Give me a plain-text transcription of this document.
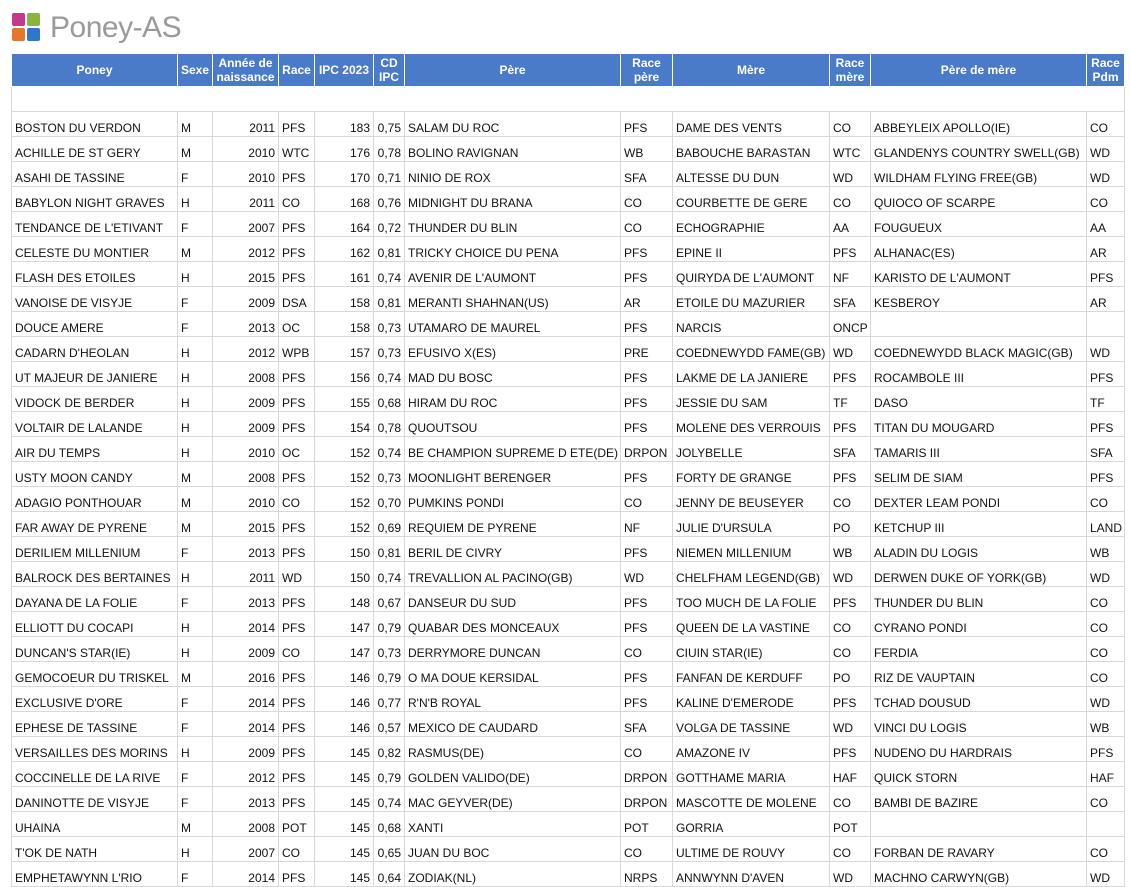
Poney-AS
Poney	Sexe	Année de naissance	Race	IPC 2023	CD IPC	Père	Race père	Mère	Race mère	Père de mère	Race Pdm

BOSTON DU VERDON	M	2011	PFS	183	0,75	SALAM DU ROC	PFS	DAME DES VENTS	CO	ABBEYLEIX APOLLO(IE)	CO
ACHILLE DE ST GERY	M	2010	WTC	176	0,78	BOLINO RAVIGNAN	WB	BABOUCHE BARASTAN	WTC	GLANDENYS COUNTRY SWELL(GB)	WD
ASAHI DE TASSINE	F	2010	PFS	170	0,71	NINIO DE ROX	SFA	ALTESSE DU DUN	WD	WILDHAM FLYING FREE(GB)	WD
BABYLON NIGHT GRAVES	H	2011	CO	168	0,76	MIDNIGHT DU BRANA	CO	COURBETTE DE GERE	CO	QUIOCO OF SCARPE	CO
TENDANCE DE L'ETIVANT	F	2007	PFS	164	0,72	THUNDER DU BLIN	CO	ECHOGRAPHIE	AA	FOUGUEUX	AA
CELESTE DU MONTIER	M	2012	PFS	162	0,81	TRICKY CHOICE DU PENA	PFS	EPINE II	PFS	ALHANAC(ES)	AR
FLASH DES ETOILES	H	2015	PFS	161	0,74	AVENIR DE L'AUMONT	PFS	QUIRYDA DE L'AUMONT	NF	KARISTO DE L'AUMONT	PFS
VANOISE DE VISYJE	F	2009	DSA	158	0,81	MERANTI SHAHNAN(US)	AR	ETOILE DU MAZURIER	SFA	KESBEROY	AR
DOUCE AMERE	F	2013	OC	158	0,73	UTAMARO DE MAUREL	PFS	NARCIS	ONCP		
CADARN D'HEOLAN	H	2012	WPB	157	0,73	EFUSIVO X(ES)	PRE	COEDNEWYDD FAME(GB)	WD	COEDNEWYDD BLACK MAGIC(GB)	WD
UT MAJEUR DE JANIERE	H	2008	PFS	156	0,74	MAD DU BOSC	PFS	LAKME DE LA JANIERE	PFS	ROCAMBOLE III	PFS
VIDOCK DE BERDER	H	2009	PFS	155	0,68	HIRAM DU ROC	PFS	JESSIE DU SAM	TF	DASO	TF
VOLTAIR DE LALANDE	H	2009	PFS	154	0,78	QUOUTSOU	PFS	MOLENE DES VERROUIS	PFS	TITAN DU MOUGARD	PFS
AIR DU TEMPS	H	2010	OC	152	0,74	BE CHAMPION SUPREME D ETE(DE)	DRPON	JOLYBELLE	SFA	TAMARIS III	SFA
USTY MOON CANDY	M	2008	PFS	152	0,73	MOONLIGHT BERENGER	PFS	FORTY DE GRANGE	PFS	SELIM DE SIAM	PFS
ADAGIO PONTHOUAR	M	2010	CO	152	0,70	PUMKINS PONDI	CO	JENNY DE BEUSEYER	CO	DEXTER LEAM PONDI	CO
FAR AWAY DE PYRENE	M	2015	PFS	152	0,69	REQUIEM DE PYRENE	NF	JULIE D'URSULA	PO	KETCHUP III	LAND
DERILIEM MILLENIUM	F	2013	PFS	150	0,81	BERIL DE CIVRY	PFS	NIEMEN MILLENIUM	WB	ALADIN DU LOGIS	WB
BALROCK DES BERTAINES	H	2011	WD	150	0,74	TREVALLION AL PACINO(GB)	WD	CHELFHAM LEGEND(GB)	WD	DERWEN DUKE OF YORK(GB)	WD
DAYANA DE LA FOLIE	F	2013	PFS	148	0,67	DANSEUR DU SUD	PFS	TOO MUCH DE LA FOLIE	PFS	THUNDER DU BLIN	CO
ELLIOTT DU COCAPI	H	2014	PFS	147	0,79	QUABAR DES MONCEAUX	PFS	QUEEN DE LA VASTINE	CO	CYRANO PONDI	CO
DUNCAN'S STAR(IE)	H	2009	CO	147	0,73	DERRYMORE DUNCAN	CO	CIUIN STAR(IE)	CO	FERDIA	CO
GEMOCOEUR DU TRISKEL	M	2016	PFS	146	0,79	O MA DOUE KERSIDAL	PFS	FANFAN DE KERDUFF	PO	RIZ DE VAUPTAIN	CO
EXCLUSIVE D'ORE	F	2014	PFS	146	0,77	R'N'B ROYAL	PFS	KALINE D'EMERODE	PFS	TCHAD DOUSUD	WD
EPHESE DE TASSINE	F	2014	PFS	146	0,57	MEXICO DE CAUDARD	SFA	VOLGA DE TASSINE	WD	VINCI DU LOGIS	WB
VERSAILLES DES MORINS	H	2009	PFS	145	0,82	RASMUS(DE)	CO	AMAZONE IV	PFS	NUDENO DU HARDRAIS	PFS
COCCINELLE DE LA RIVE	F	2012	PFS	145	0,79	GOLDEN VALIDO(DE)	DRPON	GOTTHAME MARIA	HAF	QUICK STORN	HAF
DANINOTTE DE VISYJE	F	2013	PFS	145	0,74	MAC GEYVER(DE)	DRPON	MASCOTTE DE MOLENE	CO	BAMBI DE BAZIRE	CO
UHAINA	M	2008	POT	145	0,68	XANTI	POT	GORRIA	POT		
T'OK DE NATH	H	2007	CO	145	0,65	JUAN DU BOC	CO	ULTIME DE ROUVY	CO	FORBAN DE RAVARY	CO
EMPHETAWYNN L'RIO	F	2014	PFS	145	0,64	ZODIAK(NL)	NRPS	ANNWYNN D'AVEN	WD	MACHNO CARWYN(GB)	WD
